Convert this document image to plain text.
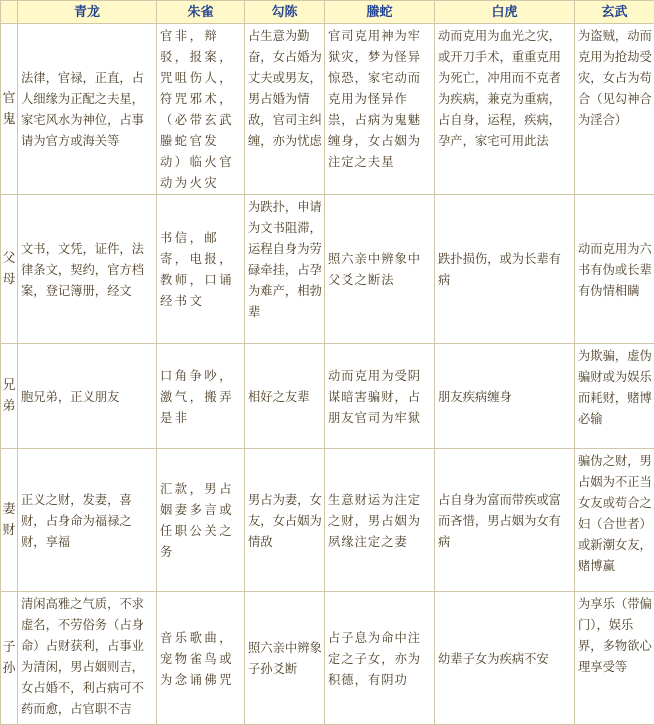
	青龙	朱雀	勾陈	螣蛇	白虎	玄武
官鬼	法律，官禄，正直，占人细缘为正配之夫星，家宅风水为神位，占事请为官方或海关等	官非，辩驳，报案，咒咀伤人，符咒邪术，（必带玄武螣蛇官发动）临火官动为火灾	占生意为勤奋，女占婚为丈夫或男友，男占婚为情敌，官司主纠缠，亦为忧虑	官司克用神为牢狱灾，梦为怪异惊恐，家宅动而克用为怪异作祟，占病为鬼魅缠身，女占姻为注定之夫星	动而克用为血光之灾，或开刀手术，重重克用为死亡，冲用而不克者为疾病，兼克为重病，占自身，运程，疾病，孕产，家宅可用此法	为盗贼，动而克用为抢劫受灾，女占为苟合（见勾神合为淫合）
父母	文书，文凭，证件，法律条文，契约，官方档案，登记簿册，经文	书信，邮寄，电报，教师，口诵经书文	为跌扑，申请为文书阻滞，运程自身为劳碌牵挂，占孕为难产，相勃辈	照六亲中辨象中父爻之断法	跌扑损伤，或为长辈有病	动而克用为六书有伪或长辈有伪情相瞒
兄弟	胞兄弟，正义朋友	口角争吵，激气，搬弄是非	相好之友辈	动而克用为受阴谋暗害骗财，占朋友官司为牢狱	朋友疾病缠身	为欺骗，虚伪骗财或为娱乐而耗财，赌博必输
妻财	正义之财，发妻，喜财，占身命为福禄之财，享福	汇款，男占姻妻多言或任职公关之务	男占为妻，女友，女占姻为情敌	生意财运为注定之财，男占姻为夙缘注定之妻	占自身为富而带疾或富而吝惜，男占姻为女有病	骗伪之财，男占姻为不正当女友或苟合之妇（合世者）或新潮女友，赌博赢
子孙	清闲高雅之气质，不求虚名，不劳俗务（占身命）占财获利，占事业为清闲，男占姻则吉，女占婚不，利占病可不药而愈，占官职不吉	音乐歌曲，宠物雀鸟或为念诵佛咒	照六亲中辨象子孙爻断	占子息为命中注定之子女，亦为积德，有阴功	幼辈子女为疾病不安	为享乐（带偏门），娱乐界，多物欲心理享受等
